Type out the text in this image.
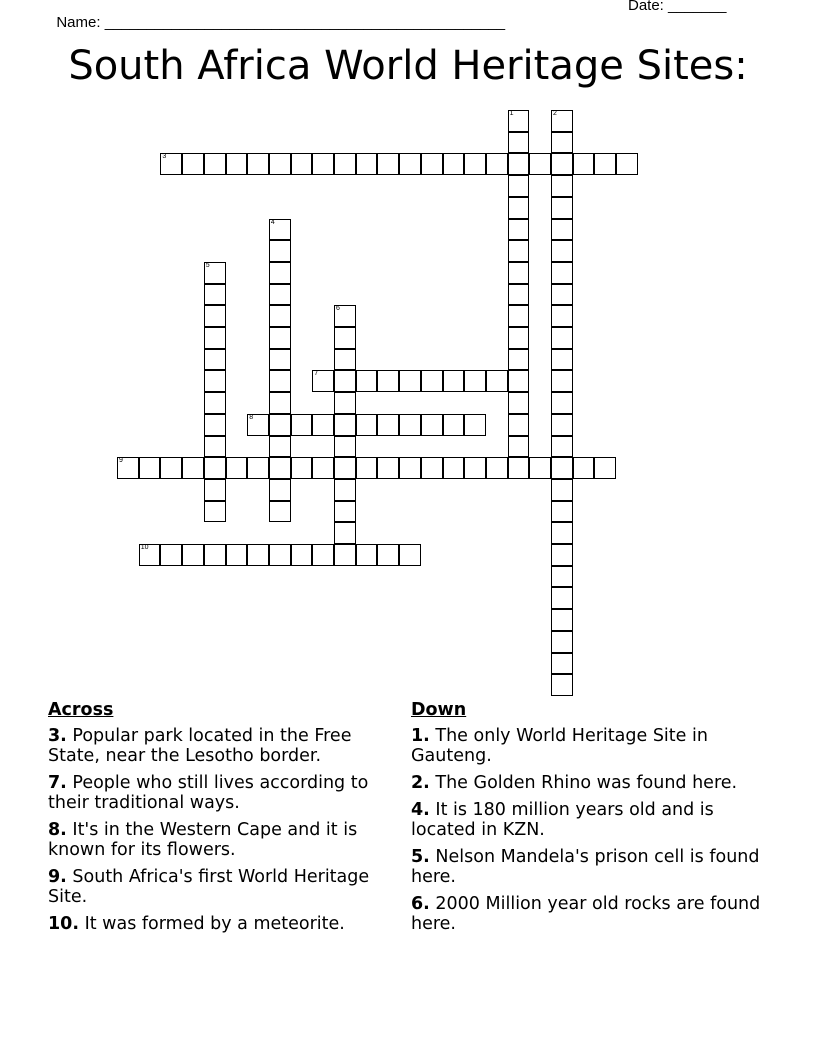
Name: ________________________________________________

Date: _______

South Africa World Heritage Sites:
1	2
3
4
5
6
7
8
9
10
Across
3. Popular park located in the Free State, near the Lesotho border.
7. People who still lives according to their traditional ways.
8. It's in the Western Cape and it is known for its flowers.
9. South Africa's first World Heritage Site.
10. It was formed by a meteorite.
Down
1. The only World Heritage Site in Gauteng.
2. The Golden Rhino was found here.
4. It is 180 million years old and is located in KZN.
5. Nelson Mandela's prison cell is found here.
6. 2000 Million year old rocks are found here.
